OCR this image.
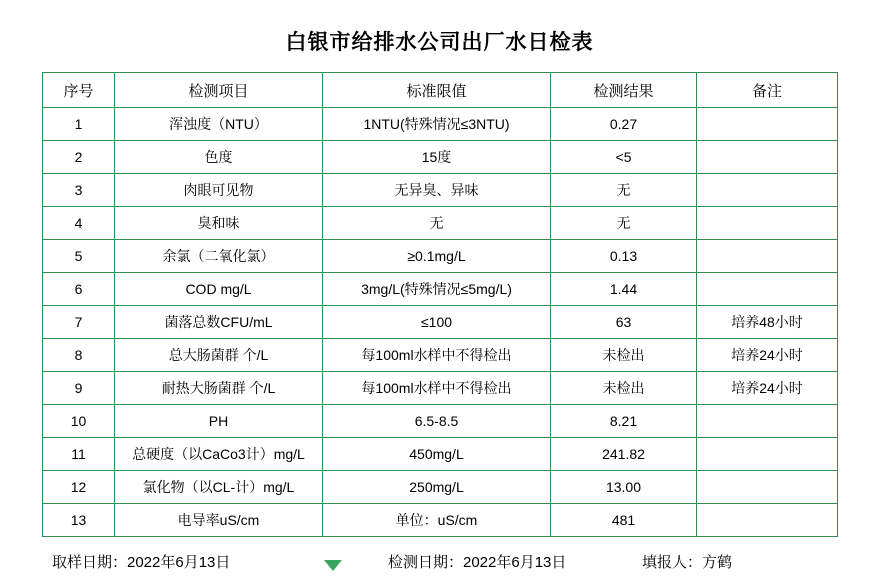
白银市给排水公司出厂水日检表
序号	检测项目	标准限值	检测结果	备注
1	浑浊度（NTU）	1NTU(特殊情况≤3NTU)	0.27	
2	色度	15度	<5	
3	肉眼可见物	无异臭、异味	无	
4	臭和味	无	无	
5	余氯（二氧化氯）	≥0.1mg/L	0.13	
6	COD mg/L	3mg/L(特殊情况≤5mg/L)	1.44	
7	菌落总数CFU/mL	≤100	63	培养48小时
8	总大肠菌群 个/L	每100ml水样中不得检出	未检出	培养24小时
9	耐热大肠菌群 个/L	每100ml水样中不得检出	未检出	培养24小时
10	PH	6.5-8.5	8.21	
11	总硬度（以CaCo3计）mg/L	450mg/L	241.82	
12	氯化物（以CL-计）mg/L	250mg/L	13.00	
13	电导率uS/cm	单位：uS/cm	481	
取样日期：2022年6月13日	检测日期：2022年6月13日	填报人：方鹤
